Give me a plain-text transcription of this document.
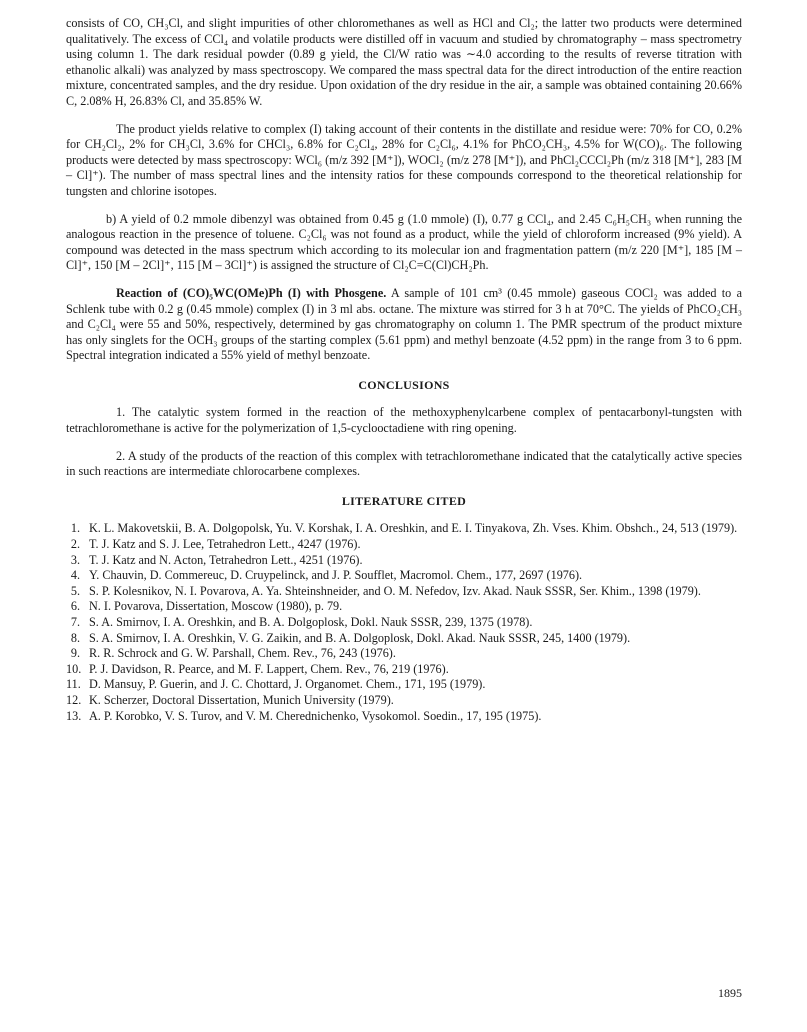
consists of CO, CH₃Cl, and slight impurities of other chloromethanes as well as HCl and Cl₂; the latter two products were determined qualitatively. The excess of CCl₄ and volatile products were distilled off in vacuum and studied by chromatography – mass spectrometry using column 1. The dark residual powder (0.89 g yield, the Cl/W ratio was ∼4.0 according to the results of reverse titration with ethanolic alkali) was analyzed by mass spectroscopy. We compared the mass spectral data for the direct introduction of the entire reaction mixture, concentrated samples, and the dry residue. Upon oxidation of the dry residue in the air, a sample was obtained containing 20.66% C, 2.08% H, 26.83% Cl, and 35.85% W.

The product yields relative to complex (I) taking account of their contents in the distillate and residue were: 70% for CO, 0.2% for CH₂Cl₂, 2% for CH₃Cl, 3.6% for CHCl₃, 6.8% for C₂Cl₄, 28% for C₂Cl₆, 4.1% for PhCO₂CH₃, 4.5% for W(CO)₆. The following products were detected by mass spectroscopy: WCl₆ (m/z 392 [M⁺]), WOCl₂ (m/z 278 [M⁺]), and PhCl₂CCCl₂Ph (m/z 318 [M⁺], 283 [M – Cl]⁺). The number of mass spectral lines and the intensity ratios for these compounds correspond to the theoretical relationship for tungsten and chlorine isotopes.

b) A yield of 0.2 mmole dibenzyl was obtained from 0.45 g (1.0 mmole) (I), 0.77 g CCl₄, and 2.45 C₆H₅CH₃ when running the analogous reaction in the presence of toluene. C₂Cl₆ was not found as a product, while the yield of chloroform increased (9% yield). A compound was detected in the mass spectrum which according to its molecular ion and fragmentation pattern (m/z 220 [M⁺], 185 [M – Cl]⁺, 150 [M – 2Cl]⁺, 115 [M – 3Cl]⁺) is assigned the structure of Cl₂C=C(Cl)CH₂Ph.

Reaction of (CO)₅WC(OMe)Ph (I) with Phosgene. A sample of 101 cm³ (0.45 mmole) gaseous COCl₂ was added to a Schlenk tube with 0.2 g (0.45 mmole) complex (I) in 3 ml abs. octane. The mixture was stirred for 3 h at 70°C. The yields of PhCO₂CH₃ and C₂Cl₄ were 55 and 50%, respectively, determined by gas chromatography on column 1. The PMR spectrum of the product mixture has only singlets for the OCH₃ groups of the starting complex (5.61 ppm) and methyl benzoate (4.52 ppm) in the range from 3 to 6 ppm. Spectral integration indicated a 55% yield of methyl benzoate.

CONCLUSIONS

1. The catalytic system formed in the reaction of the methoxyphenylcarbene complex of pentacarbonyl-tungsten with tetrachloromethane is active for the polymerization of 1,5-cyclooctadiene with ring opening.

2. A study of the products of the reaction of this complex with tetrachloromethane indicated that the catalytically active species in such reactions are intermediate chlorocarbene complexes.

LITERATURE CITED
1. K. L. Makovetskii, B. A. Dolgopolsk, Yu. V. Korshak, I. A. Oreshkin, and E. I. Tinyakova, Zh. Vses. Khim. Obshch., 24, 513 (1979).
2. T. J. Katz and S. J. Lee, Tetrahedron Lett., 4247 (1976).
3. T. J. Katz and N. Acton, Tetrahedron Lett., 4251 (1976).
4. Y. Chauvin, D. Commereuc, D. Cruypelinck, and J. P. Soufflet, Macromol. Chem., 177, 2697 (1976).
5. S. P. Kolesnikov, N. I. Povarova, A. Ya. Shteinshneider, and O. M. Nefedov, Izv. Akad. Nauk SSSR, Ser. Khim., 1398 (1979).
6. N. I. Povarova, Dissertation, Moscow (1980), p. 79.
7. S. A. Smirnov, I. A. Oreshkin, and B. A. Dolgoplosk, Dokl. Nauk SSSR, 239, 1375 (1978).
8. S. A. Smirnov, I. A. Oreshkin, V. G. Zaikin, and B. A. Dolgoplosk, Dokl. Akad. Nauk SSSR, 245, 1400 (1979).
9. R. R. Schrock and G. W. Parshall, Chem. Rev., 76, 243 (1976).
10. P. J. Davidson, R. Pearce, and M. F. Lappert, Chem. Rev., 76, 219 (1976).
11. D. Mansuy, P. Guerin, and J. C. Chottard, J. Organomet. Chem., 171, 195 (1979).
12. K. Scherzer, Doctoral Dissertation, Munich University (1979).
13. A. P. Korobko, V. S. Turov, and V. M. Cherednichenko, Vysokomol. Soedin., 17, 195 (1975).
1895
